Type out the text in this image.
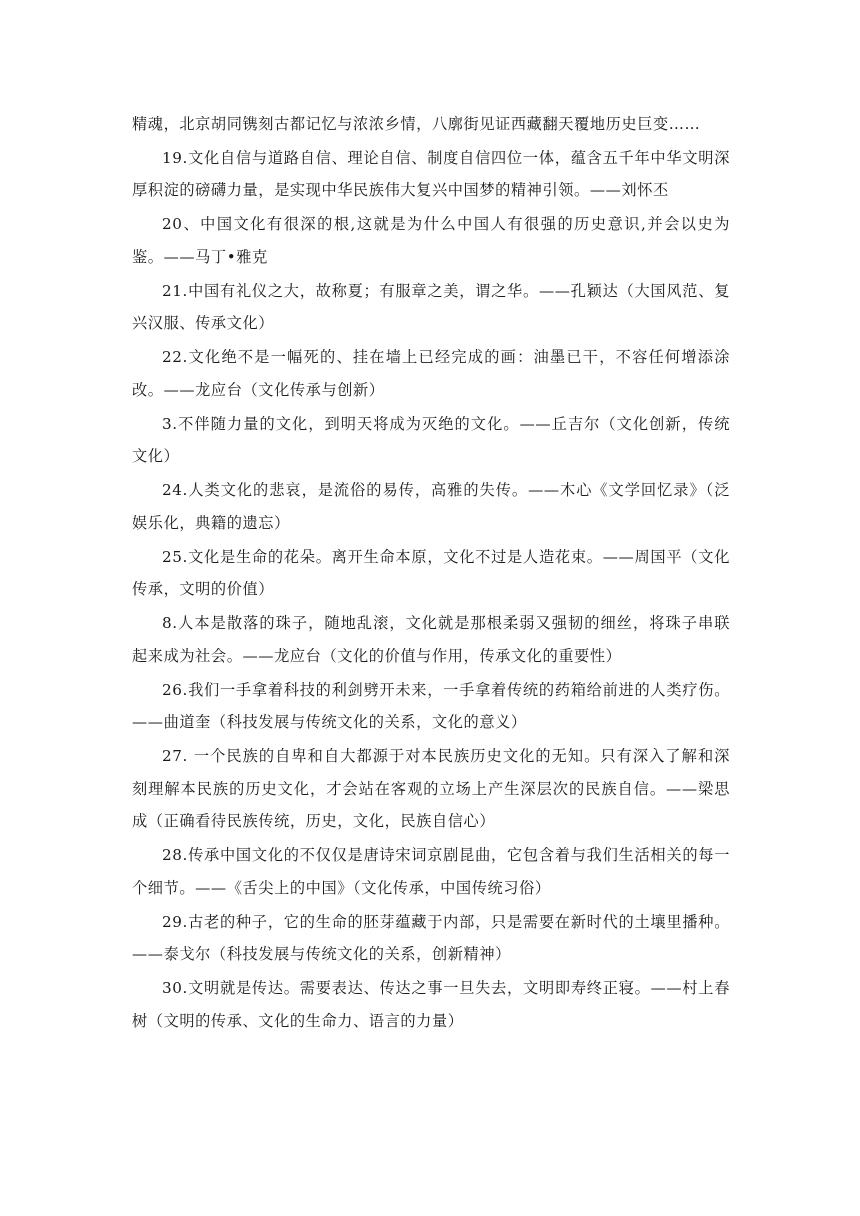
精魂，北京胡同镌刻古都记忆与浓浓乡情，八廓街见证西藏翻天覆地历史巨变……

19.文化自信与道路自信、理论自信、制度自信四位一体，蕴含五千年中华文明深厚积淀的磅礴力量，是实现中华民族伟大复兴中国梦的精神引领。——刘怀丕

20、中国文化有很深的根,这就是为什么中国人有很强的历史意识,并会以史为鉴。——马丁•雅克

21.中国有礼仪之大，故称夏；有服章之美，谓之华。——孔颖达（大国风范、复兴汉服、传承文化）

22.文化绝不是一幅死的、挂在墙上已经完成的画：油墨已干，不容任何增添涂改。——龙应台（文化传承与创新）

3.不伴随力量的文化，到明天将成为灭绝的文化。——丘吉尔（文化创新，传统文化）

24.人类文化的悲哀，是流俗的易传，高雅的失传。——木心《文学回忆录》（泛娱乐化，典籍的遗忘）

25.文化是生命的花朵。离开生命本原，文化不过是人造花束。——周国平（文化传承，文明的价值）

8.人本是散落的珠子，随地乱滚，文化就是那根柔弱又强韧的细丝，将珠子串联起来成为社会。——龙应台（文化的价值与作用，传承文化的重要性）

26.我们一手拿着科技的利剑劈开未来，一手拿着传统的药箱给前进的人类疗伤。——曲道奎（科技发展与传统文化的关系，文化的意义）

27. 一个民族的自卑和自大都源于对本民族历史文化的无知。只有深入了解和深刻理解本民族的历史文化，才会站在客观的立场上产生深层次的民族自信。——梁思成（正确看待民族传统，历史，文化，民族自信心）

28.传承中国文化的不仅仅是唐诗宋词京剧昆曲，它包含着与我们生活相关的每一个细节。——《舌尖上的中国》（文化传承，中国传统习俗）

29.古老的种子，它的生命的胚芽蕴藏于内部，只是需要在新时代的土壤里播种。——泰戈尔（科技发展与传统文化的关系，创新精神）

30.文明就是传达。需要表达、传达之事一旦失去，文明即寿终正寝。——村上春树（文明的传承、文化的生命力、语言的力量）
